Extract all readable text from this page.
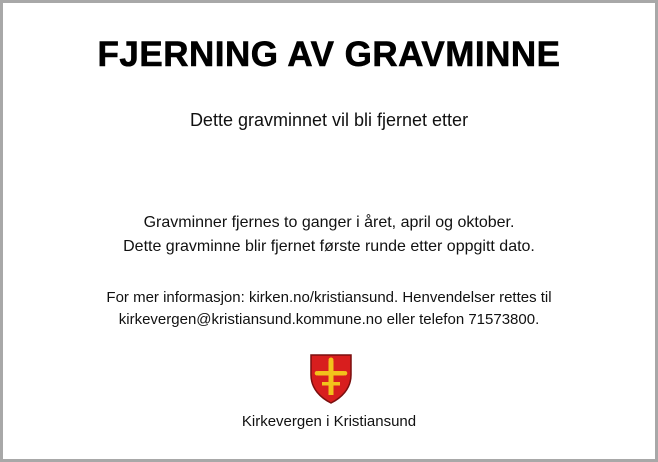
FJERNING AV GRAVMINNE
Dette gravminnet vil bli fjernet etter
Gravminner fjernes to ganger i året, april og oktober.
Dette gravminne blir fjernet første runde etter oppgitt dato.
For mer informasjon: kirken.no/kristiansund. Henvendelser rettes til
kirkevergen@kristiansund.kommune.no eller telefon 71573800.
Kirkevergen i Kristiansund
